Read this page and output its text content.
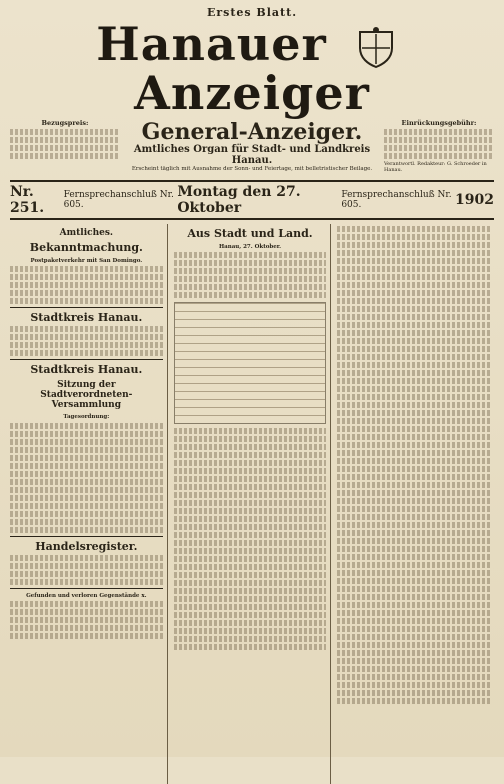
Erstes Blatt.
Hanauer  Anzeiger
Bezugspreis:	General-Anzeiger.
Amtliches Organ für Stadt- und Landkreis Hanau.
Erscheint täglich mit Ausnahme der Sonn- und Feiertage, mit belletristischer Beilage.
Einrückungsgebühr:
Verantwortl. Redakteur: G. Schroeder in Hanau.
Nr. 251.
Fernsprechanschluß Nr. 605.
Montag den 27. Oktober
Fernsprechanschluß Nr. 605.	1902
Amtliches.
Bekanntmachung.
Postpaketverkehr mit San Domingo.
Stadtkreis Hanau.
Stadtkreis Hanau.
Sitzung der Stadtverordneten-Versammlung
Tagesordnung:
Handelsregister.
Gefunden und verloren Gegenstände x.
Aus Stadt und Land.
Hanau, 27. Oktober.
